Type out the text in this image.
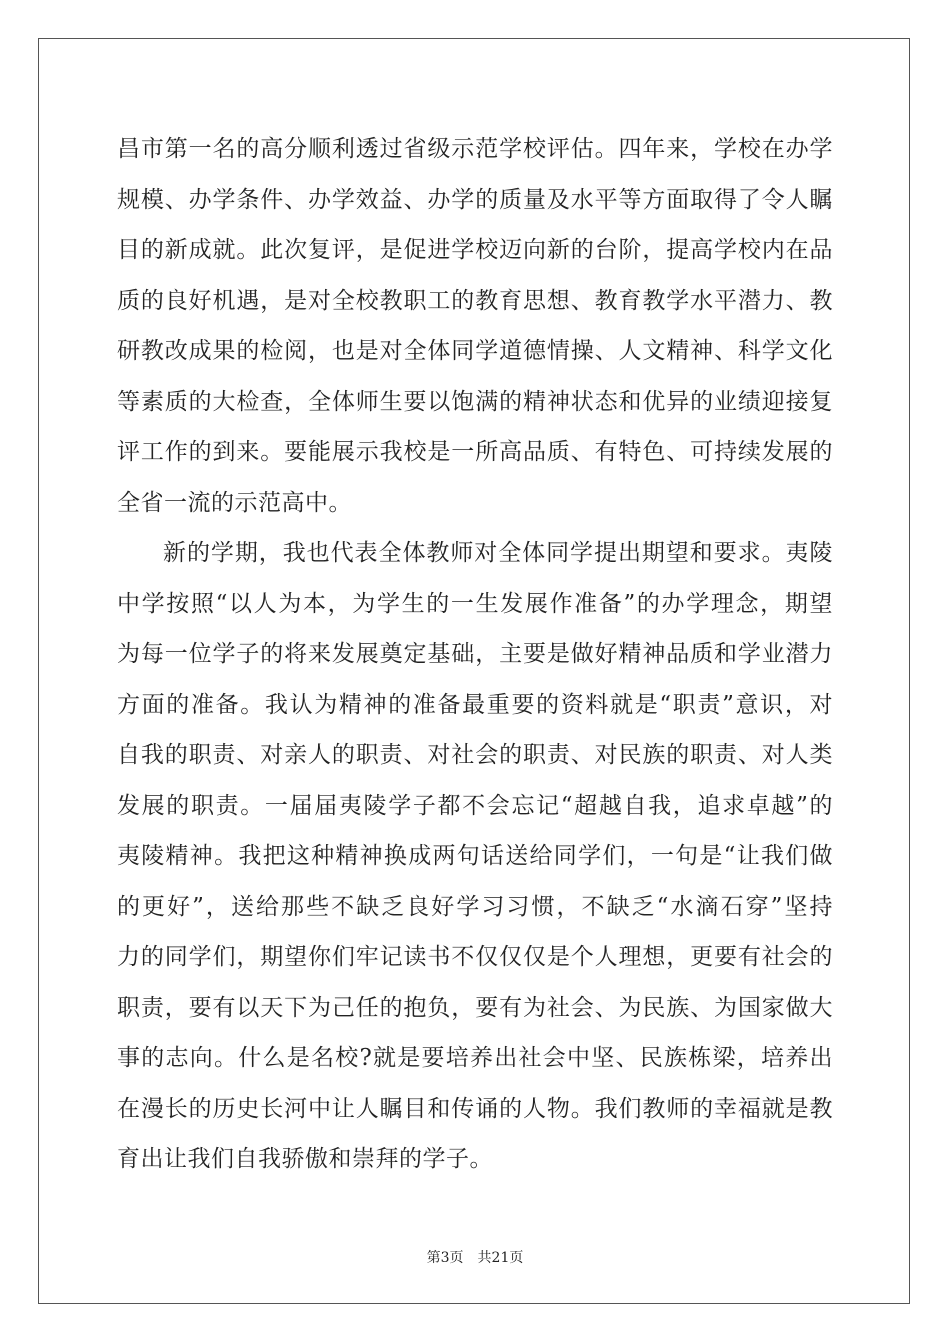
昌市第一名的高分顺利透过省级示范学校评估。四年来，学校在办学
规模、办学条件、办学效益、办学的质量及水平等方面取得了令人瞩
目的新成就。此次复评，是促进学校迈向新的台阶，提高学校内在品
质的良好机遇，是对全校教职工的教育思想、教育教学水平潜力、教
研教改成果的检阅，也是对全体同学道德情操、人文精神、科学文化
等素质的大检查，全体师生要以饱满的精神状态和优异的业绩迎接复
评工作的到来。要能展示我校是一所高品质、有特色、可持续发展的
全省一流的示范高中。
新的学期，我也代表全体教师对全体同学提出期望和要求。夷陵
中学按照“以人为本，为学生的一生发展作准备”的办学理念，期望
为每一位学子的将来发展奠定基础，主要是做好精神品质和学业潜力
方面的准备。我认为精神的准备最重要的资料就是“职责”意识，对
自我的职责、对亲人的职责、对社会的职责、对民族的职责、对人类
发展的职责。一届届夷陵学子都不会忘记“超越自我，追求卓越”的
夷陵精神。我把这种精神换成两句话送给同学们，一句是“让我们做
的更好”，送给那些不缺乏良好学习习惯，不缺乏“水滴石穿”坚持
力的同学们，期望你们牢记读书不仅仅仅是个人理想，更要有社会的
职责，要有以天下为己任的抱负，要有为社会、为民族、为国家做大
事的志向。什么是名校?就是要培养出社会中坚、民族栋梁，培养出
在漫长的历史长河中让人瞩目和传诵的人物。我们教师的幸福就是教
育出让我们自我骄傲和崇拜的学子。
第3页 共21页
